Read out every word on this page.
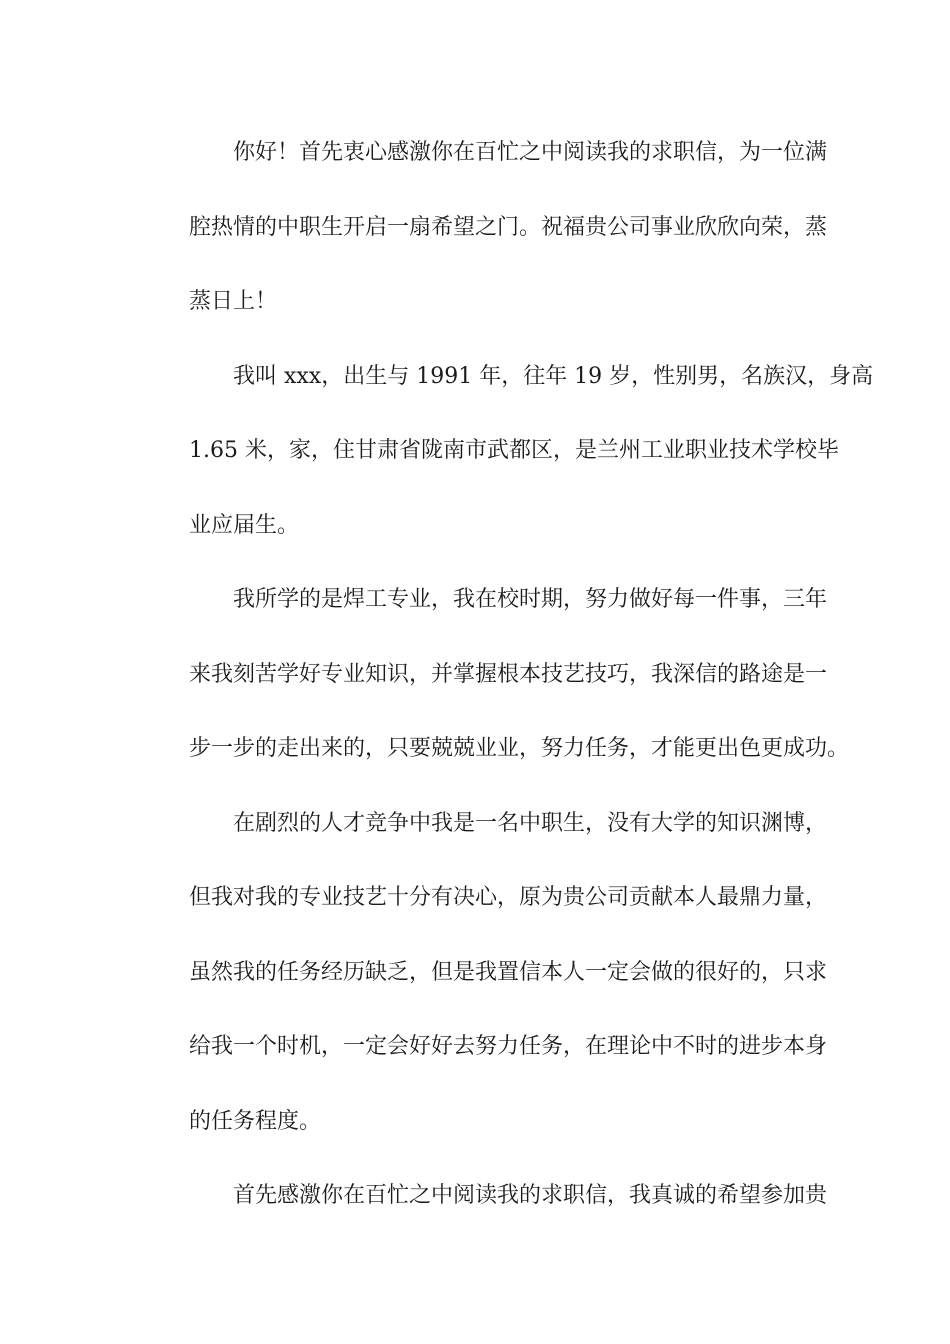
你好！首先衷心感激你在百忙之中阅读我的求职信，为一位满
腔热情的中职生开启一扇希望之门。祝福贵公司事业欣欣向荣，蒸
蒸日上！
我叫 xxx，出生与 1991 年，往年 19 岁，性别男，名族汉，身高
1.65 米，家，住甘肃省陇南市武都区，是兰州工业职业技术学校毕
业应届生。
我所学的是焊工专业，我在校时期，努力做好每一件事，三年
来我刻苦学好专业知识，并掌握根本技艺技巧，我深信的路途是一
步一步的走出来的，只要兢兢业业，努力任务，才能更出色更成功。
在剧烈的人才竞争中我是一名中职生，没有大学的知识渊博，
但我对我的专业技艺十分有决心，原为贵公司贡献本人最鼎力量，
虽然我的任务经历缺乏，但是我置信本人一定会做的很好的，只求
给我一个时机，一定会好好去努力任务，在理论中不时的进步本身
的任务程度。
首先感激你在百忙之中阅读我的求职信，我真诚的希望参加贵
